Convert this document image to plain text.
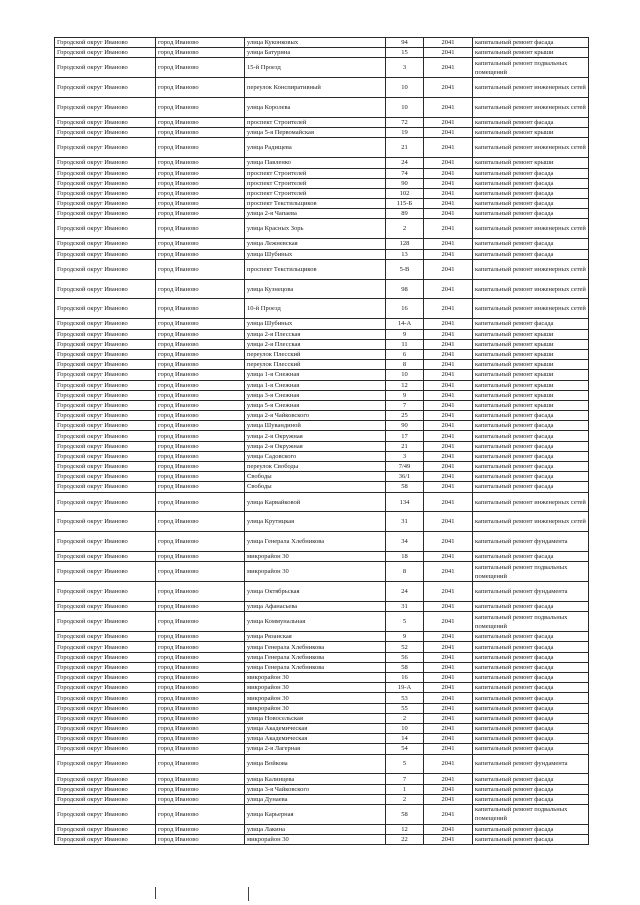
Городской округ Иваново	город Иваново	улица Куконковых	94	2041	капитальный ремонт фасада
Городской округ Иваново	город Иваново	улица Батурина	15	2041	капитальный ремонт крыши
Городской округ Иваново	город Иваново	15-й Проезд	3	2041	капитальный ремонт подвальных помещений
Городской округ Иваново	город Иваново	переулок Конспиративный	10	2041	капитальный ремонт инженерных сетей
Городской округ Иваново	город Иваново	улица Королева	10	2041	капитальный ремонт инженерных сетей
Городской округ Иваново	город Иваново	проспект Строителей	72	2041	капитальный ремонт фасада
Городской округ Иваново	город Иваново	улица 5-я Первомайская	19	2041	капитальный ремонт крыши
Городской округ Иваново	город Иваново	улица Радищева	21	2041	капитальный ремонт инженерных сетей
Городской округ Иваново	город Иваново	улица Павленко	24	2041	капитальный ремонт крыши
Городской округ Иваново	город Иваново	проспект Строителей	74	2041	капитальный ремонт фасада
Городской округ Иваново	город Иваново	проспект Строителей	90	2041	капитальный ремонт фасада
Городской округ Иваново	город Иваново	проспект Строителей	102	2041	капитальный ремонт фасада
Городской округ Иваново	город Иваново	проспект Текстильщиков	115-Б	2041	капитальный ремонт фасада
Городской округ Иваново	город Иваново	улица 2-я Чапаева	89	2041	капитальный ремонт фасада
Городской округ Иваново	город Иваново	улица Красных Зорь	2	2041	капитальный ремонт инженерных сетей
Городской округ Иваново	город Иваново	улица Лежневская	128	2041	капитальный ремонт фасада
Городской округ Иваново	город Иваново	улица Шубиных	13	2041	капитальный ремонт фасада
Городской округ Иваново	город Иваново	проспект Текстильщиков	5-В	2041	капитальный ремонт инженерных сетей
Городской округ Иваново	город Иваново	улица Кузнецова	98	2041	капитальный ремонт инженерных сетей
Городской округ Иваново	город Иваново	10-й Проезд	16	2041	капитальный ремонт инженерных сетей
Городской округ Иваново	город Иваново	улица Шубиных	14-А	2041	капитальный ремонт фасада
Городской округ Иваново	город Иваново	улица 2-я Плесская	9	2041	капитальный ремонт крыши
Городской округ Иваново	город Иваново	улица 2-я Плесская	11	2041	капитальный ремонт крыши
Городской округ Иваново	город Иваново	переулок Плесский	6	2041	капитальный ремонт крыши
Городской округ Иваново	город Иваново	переулок Плесский	8	2041	капитальный ремонт крыши
Городской округ Иваново	город Иваново	улица 1-я Снежная	10	2041	капитальный ремонт крыши
Городской округ Иваново	город Иваново	улица 1-я Снежная	12	2041	капитальный ремонт крыши
Городской округ Иваново	город Иваново	улица 3-я Снежная	9	2041	капитальный ремонт крыши
Городской округ Иваново	город Иваново	улица 5-я Снежная	7	2041	капитальный ремонт крыши
Городской округ Иваново	город Иваново	улица 2-я Чайковского	25	2041	капитальный ремонт фасада
Городской округ Иваново	город Иваново	улица Шувандиной	90	2041	капитальный ремонт фасада
Городской округ Иваново	город Иваново	улица 2-я Окружная	17	2041	капитальный ремонт фасада
Городской округ Иваново	город Иваново	улица 2-я Окружная	21	2041	капитальный ремонт фасада
Городской округ Иваново	город Иваново	улица Садовского	3	2041	капитальный ремонт фасада
Городской округ Иваново	город Иваново	переулок Свободы	7/49	2041	капитальный ремонт фасада
Городской округ Иваново	город Иваново	Свободы	36/1	2041	капитальный ремонт фасада
Городской округ Иваново	город Иваново	Свободы	58	2041	капитальный ремонт фасада
Городской округ Иваново	город Иваново	улица Карвайковой	134	2041	капитальный ремонт инженерных сетей
Городской округ Иваново	город Иваново	улица Крутицкая	31	2041	капитальный ремонт инженерных сетей
Городской округ Иваново	город Иваново	улица Генерала Хлебникова	34	2041	капитальный ремонт фундамента
Городской округ Иваново	город Иваново	микрорайон 30	18	2041	капитальный ремонт фасада
Городской округ Иваново	город Иваново	микрорайон 30	8	2041	капитальный ремонт подвальных помещений
Городской округ Иваново	город Иваново	улица Октябрьская	24	2041	капитальный ремонт фундамента
Городской округ Иваново	город Иваново	улица Афанасьева	31	2041	капитальный ремонт фасада
Городской округ Иваново	город Иваново	улица Коммунальная	5	2041	капитальный ремонт подвальных помещений
Городской округ Иваново	город Иваново	улица Рязанская	9	2041	капитальный ремонт фасада
Городской округ Иваново	город Иваново	улица Генерала Хлебникова	52	2041	капитальный ремонт фасада
Городской округ Иваново	город Иваново	улица Генерала Хлебникова	56	2041	капитальный ремонт фасада
Городской округ Иваново	город Иваново	улица Генерала Хлебникова	58	2041	капитальный ремонт фасада
Городской округ Иваново	город Иваново	микрорайон 30	16	2041	капитальный ремонт фасада
Городской округ Иваново	город Иваново	микрорайон 30	19-А	2041	капитальный ремонт фасада
Городской округ Иваново	город Иваново	микрорайон 30	53	2041	капитальный ремонт фасада
Городской округ Иваново	город Иваново	микрорайон 30	55	2041	капитальный ремонт фасада
Городской округ Иваново	город Иваново	улица Новосельская	2	2041	капитальный ремонт фасада
Городской округ Иваново	город Иваново	улица Академическая	10	2041	капитальный ремонт фасада
Городской округ Иваново	город Иваново	улица Академическая	14	2041	капитальный ремонт фасада
Городской округ Иваново	город Иваново	улица 2-я Лагерная	54	2041	капитальный ремонт фасада
Городской округ Иваново	город Иваново	улица Войкова	5	2041	капитальный ремонт фундамента
Городской округ Иваново	город Иваново	улица Калинцева	7	2041	капитальный ремонт фасада
Городской округ Иваново	город Иваново	улица 3-я Чайковского	1	2041	капитальный ремонт фасада
Городской округ Иваново	город Иваново	улица Дунаева	2	2041	капитальный ремонт фасада
Городской округ Иваново	город Иваново	улица Карьерная	58	2041	капитальный ремонт подвальных помещений
Городской округ Иваново	город Иваново	улица Лакина	12	2041	капитальный ремонт фасада
Городской округ Иваново	город Иваново	микрорайон 30	22	2041	капитальный ремонт фасада
